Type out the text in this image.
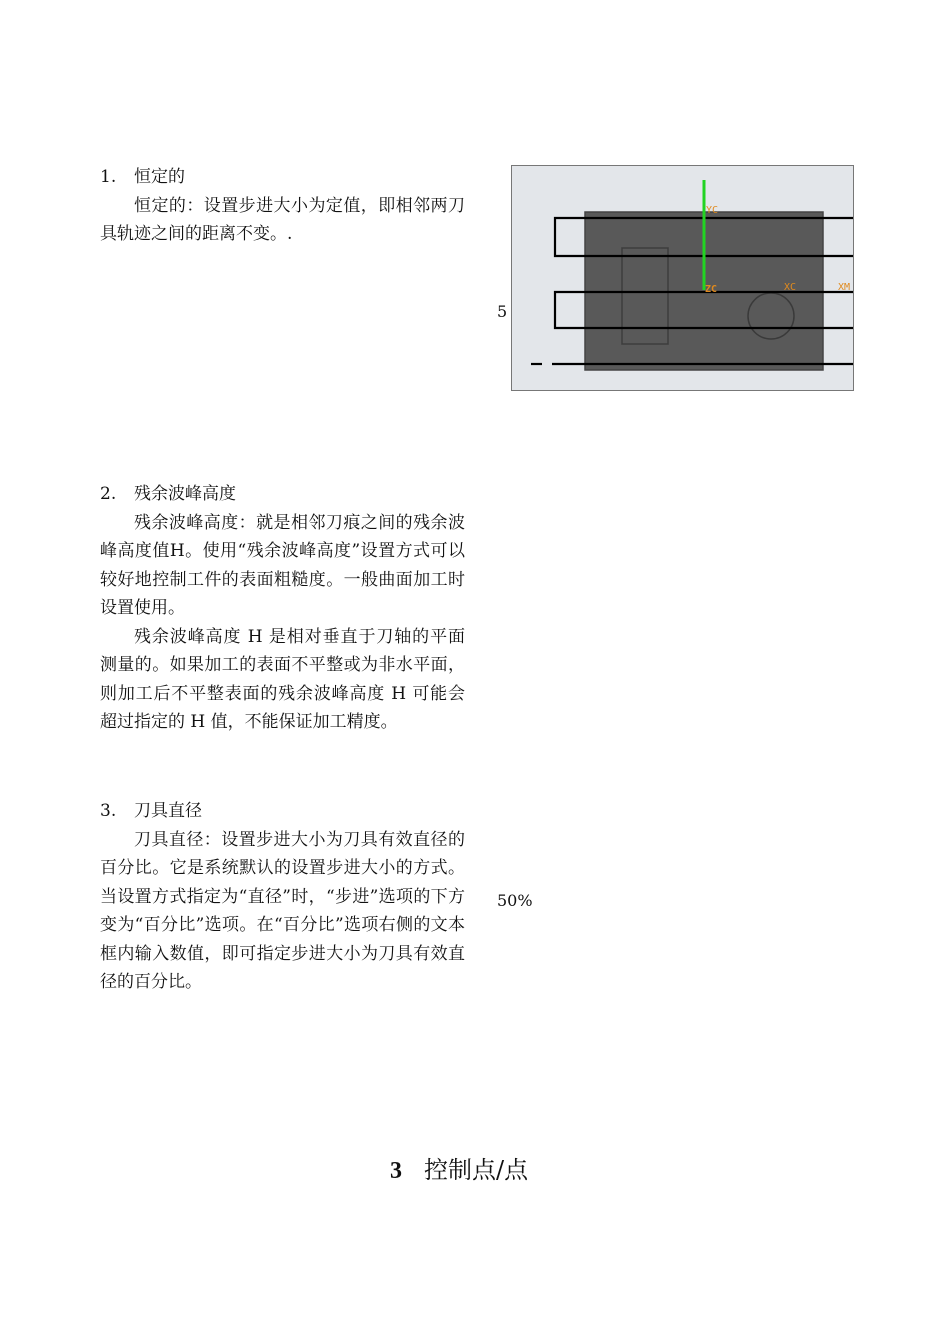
1. 恒定的

恒定的：设置步进大小为定值，即相邻两刀具轨迹之间的距离不变。.

5
YC
ZC	XC	XM

2. 残余波峰高度

残余波峰高度：就是相邻刀痕之间的残余波峰高度值H。使用“残余波峰高度”设置方式可以较好地控制工件的表面粗糙度。一般曲面加工时设置使用。

残余波峰高度 H 是相对垂直于刀轴的平面测量的。如果加工的表面不平整或为非水平面，则加工后不平整表面的残余波峰高度 H 可能会超过指定的 H 值，不能保证加工精度。

3. 刀具直径

刀具直径：设置步进大小为刀具有效直径的百分比。它是系统默认的设置步进大小的方式。当设置方式指定为“直径”时，“步进”选项的下方变为“百分比”选项。在“百分比”选项右侧的文本框内输入数值，即可指定步进大小为刀具有效直径的百分比。

50%
3 控制点/点
